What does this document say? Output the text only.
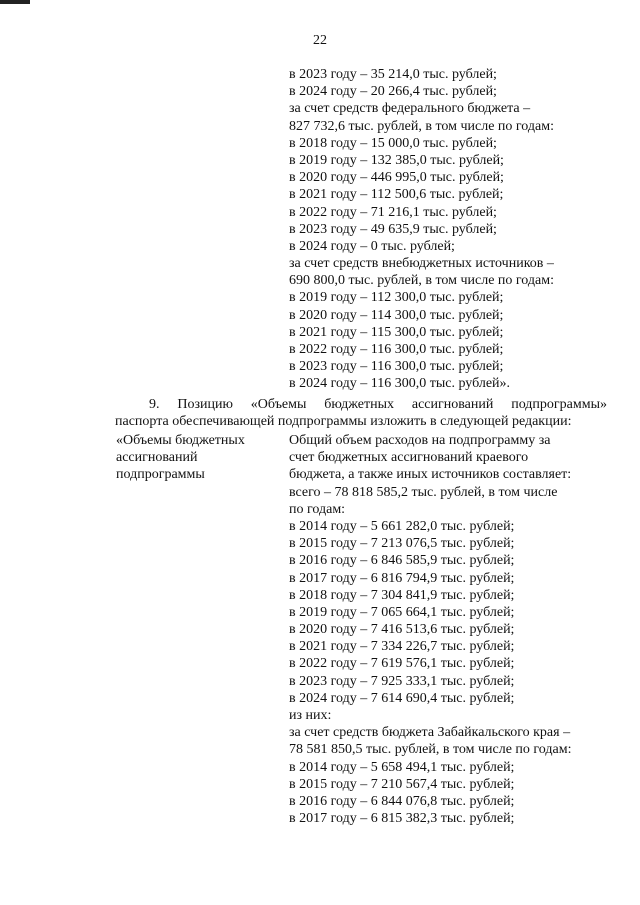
22
в 2023 году – 35 214,0 тыс. рублей;
в 2024 году – 20 266,4 тыс. рублей;
за счет средств федерального бюджета –
827 732,6 тыс. рублей, в том числе по годам:
в 2018 году – 15 000,0 тыс. рублей;
в 2019 году – 132 385,0 тыс. рублей;
в 2020 году – 446 995,0 тыс. рублей;
в 2021 году – 112 500,6 тыс. рублей;
в 2022 году – 71 216,1 тыс. рублей;
в 2023 году – 49 635,9 тыс. рублей;
в 2024 году – 0 тыс. рублей;
за счет средств внебюджетных источников –
690 800,0 тыс. рублей, в том числе по годам:
в 2019 году – 112 300,0 тыс. рублей;
в 2020 году – 114 300,0 тыс. рублей;
в 2021 году – 115 300,0 тыс. рублей;
в 2022 году – 116 300,0 тыс. рублей;
в 2023 году – 116 300,0 тыс. рублей;
в 2024 году – 116 300,0 тыс. рублей».
9. Позицию «Объемы бюджетных ассигнований подпрограммы»
паспорта обеспечивающей подпрограммы изложить в следующей редакции:
«Объемы бюджетных
ассигнований
подпрограммы
Общий объем расходов на подпрограмму за
счет бюджетных ассигнований краевого
бюджета, а также иных источников составляет:
всего – 78 818 585,2 тыс. рублей, в том числе
по годам:
в 2014 году – 5 661 282,0 тыс. рублей;
в 2015 году – 7 213 076,5 тыс. рублей;
в 2016 году – 6 846 585,9 тыс. рублей;
в 2017 году – 6 816 794,9 тыс. рублей;
в 2018 году – 7 304 841,9 тыс. рублей;
в 2019 году – 7 065 664,1 тыс. рублей;
в 2020 году – 7 416 513,6 тыс. рублей;
в 2021 году – 7 334 226,7 тыс. рублей;
в 2022 году – 7 619 576,1 тыс. рублей;
в 2023 году – 7 925 333,1 тыс. рублей;
в 2024 году – 7 614 690,4 тыс. рублей;
из них:
за счет средств бюджета Забайкальского края –
78 581 850,5 тыс. рублей, в том числе по годам:
в 2014 году – 5 658 494,1 тыс. рублей;
в 2015 году – 7 210 567,4 тыс. рублей;
в 2016 году – 6 844 076,8 тыс. рублей;
в 2017 году – 6 815 382,3 тыс. рублей;
